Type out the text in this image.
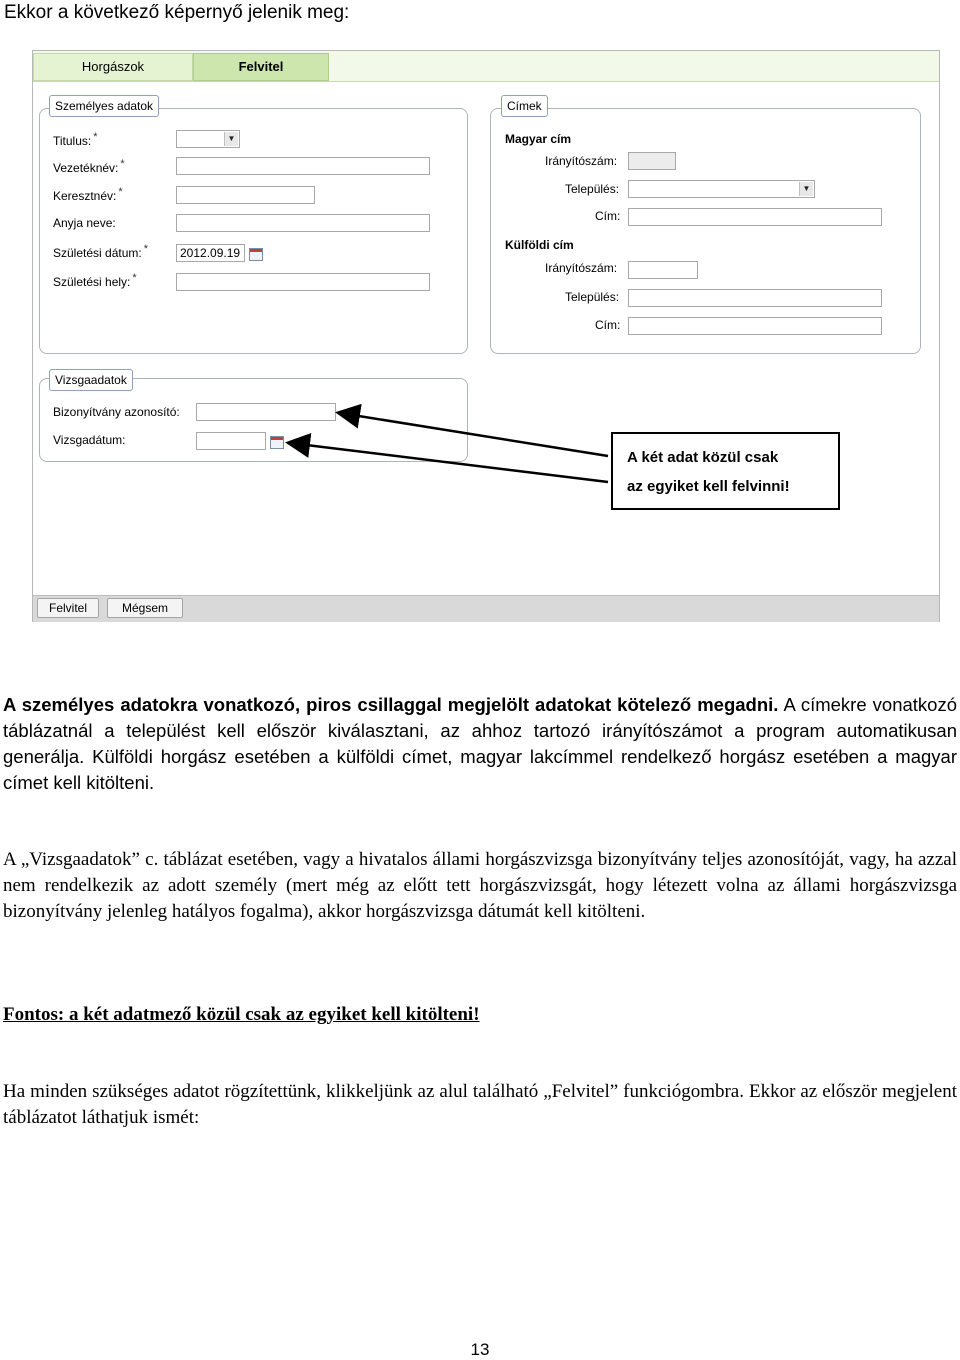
Ekkor a következő képernyő jelenik meg:
Horgászok	Felvitel
Személyes adatok
Titulus: *	▼
Vezetéknév: *
Keresztnév: *
Anyja neve:
Születési dátum: *	2012.09.19
Születési hely: *
Címek
Magyar cím
Irányítószám:
Település:	▼
Cím:
Külföldi cím
Irányítószám:
Település:
Cím:
Vizsgaadatok
Bizonyítvány azonosító:
Vizsgadátum:
Felvitel	Mégsem
A két adat közül csak
az egyiket kell felvinni!
A személyes adatokra vonatkozó, piros csillaggal megjelölt adatokat kötelező megadni. A címekre vonatkozó táblázatnál a települést kell először kiválasztani, az ahhoz tartozó irányítószámot a program automatikusan generálja. Külföldi horgász esetében a külföldi címet, magyar lakcímmel rendelkező horgász esetében a magyar címet kell kitölteni.
A „Vizsgaadatok” c. táblázat esetében, vagy a hivatalos állami horgászvizsga bizonyítvány teljes azonosítóját, vagy, ha azzal nem rendelkezik az adott személy (mert még az előtt tett horgászvizsgát, hogy létezett volna az állami horgászvizsga bizonyítvány jelenleg hatályos fogalma), akkor horgászvizsga dátumát kell kitölteni.
Fontos: a két adatmező közül csak az egyiket kell kitölteni!
Ha minden szükséges adatot rögzítettünk, klikkeljünk az alul található „Felvitel” funkciógombra. Ekkor az először megjelent táblázatot láthatjuk ismét:
13
